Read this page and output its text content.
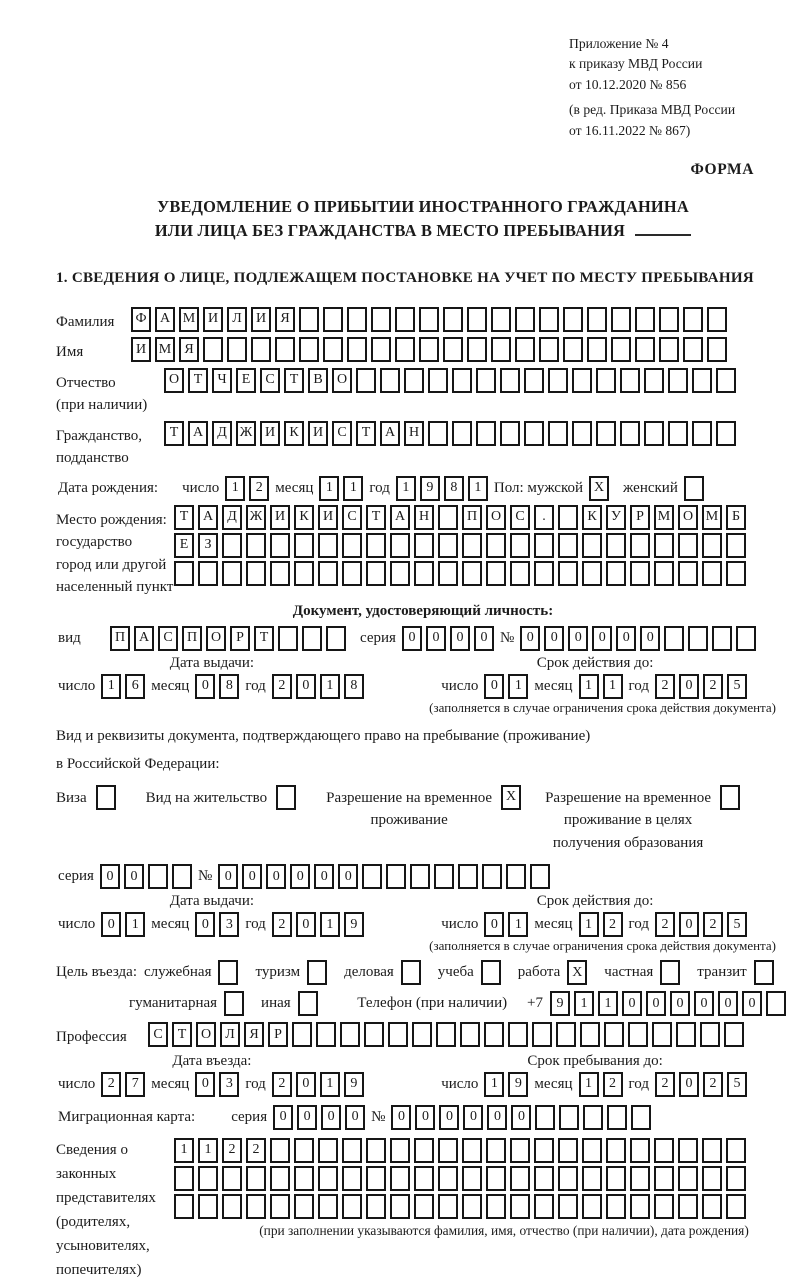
Приложение № 4
к приказу МВД России
от 10.12.2020 № 856
(в ред. Приказа МВД России
от 16.11.2022 № 867)
ФОРМА
УВЕДОМЛЕНИЕ О ПРИБЫТИИ ИНОСТРАННОГО ГРАЖДАНИНА
ИЛИ ЛИЦА БЕЗ ГРАЖДАНСТВА В МЕСТО ПРЕБЫВАНИЯ
1. СВЕДЕНИЯ О ЛИЦЕ, ПОДЛЕЖАЩЕМ ПОСТАНОВКЕ НА УЧЕТ ПО МЕСТУ ПРЕБЫВАНИЯ
Фамилия	Ф А М И	Л	И	Я
Имя	И М Я
Отчество
(при наличии)
О	Т	Ч	Е	С	Т	В	О
Гражданство,
подданство
Т	А	Д Ж И	К	И	С	Т	А Н
Дата рождения:	число 1	2 месяц 1	1 год 1	9	8	1 Пол: мужской X	женский
Место рождения:
государство
город или другой
населенный пункт
Т	А	Д Ж И	К	И	С	Т	А Н	П О	С	.	К	У	Р М О М Б
Е	З
Документ, удостоверяющий личность:
вид	П А	С	П О	Р	Т	серия 0	0	0	0 № 0	0	0	0	0	0
Дата выдачи:
число 1	6 месяц 0	8 год 2	0	1	8
Срок действия до:
число 0	1 месяц 1	1 год 2	0	2	5
(заполняется в случае ограничения срока действия документа)
Вид и реквизиты документа, подтверждающего право на пребывание (проживание)
в Российской Федерации:
Виза	Вид на жительство	Разрешение на временное
проживание
X	Разрешение на временное
проживание в целях
получения образования
серия 0	0	№ 0	0	0	0	0	0
Дата выдачи:
число 0	1 месяц 0	3 год 2	0	1	9
Срок действия до:
число 0	1 месяц 1	2 год 2	0	2	5
(заполняется в случае ограничения срока действия документа)
Цель въезда: служебная	туризм	деловая	учеба	работа X	частная	транзит
гуманитарная	иная	Телефон (при наличии)	+7 9	1	1	0	0	0	0	0	0
Профессия	С	Т	О	Л	Я	Р
Дата въезда:
число 2	7 месяц 0	3 год 2	0	1	9
Срок пребывания до:
число 1	9 месяц 1	2 год 2	0	2	5
Миграционная карта:	серия 0	0	0	0 № 0	0	0	0	0	0
Сведения о
законных
представителях
(родителях,
усыновителях,
попечителях)
1	1	2	2
(при заполнении указываются фамилия, имя, отчество (при наличии), дата рождения)
